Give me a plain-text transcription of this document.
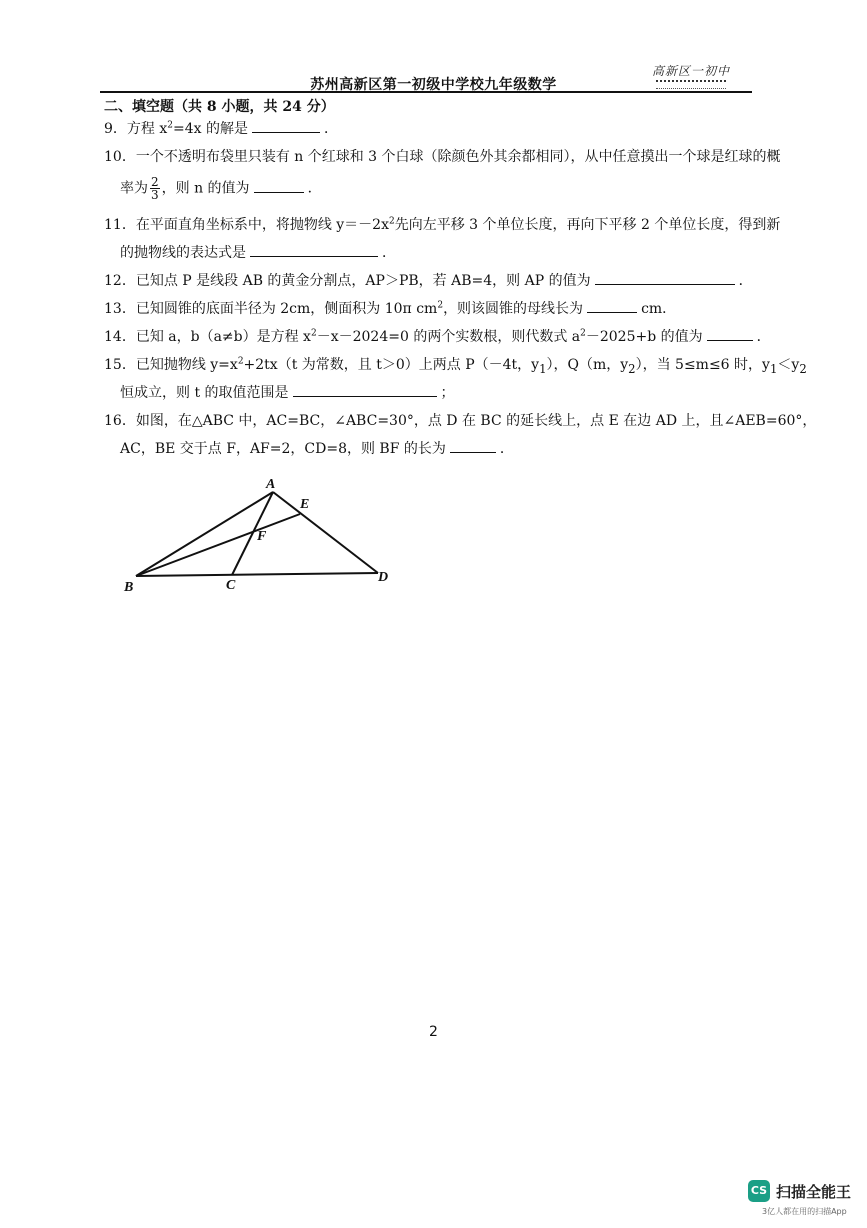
苏州高新区第一初级中学校九年级数学
高新区一初中
二、填空题（共 8 小题，共 24 分）
9．方程 $x^2=4x$ 的解是	．
10．一个不透明布袋里只装有 n 个红球和 3 个白球（除颜色外其余都相同），从中任意摸出一个球是红球的概
率为 $\frac{2}{3}$ ，则 n 的值为	．
11．在平面直角坐标系中，将抛物线 $y=-2x^2$先向左平移 3 个单位长度，再向下平移 2 个单位长度，得到新
的抛物线的表达式是	．
12．已知点 P 是线段 AB 的黄金分割点，AP＞PB，若 AB=4，则 AP 的值为	．
13．已知圆锥的底面半径为 2cm，侧面积为 10π $cm^2$，则该圆锥的母线长为	cm．
14．已知 a，b（a≠b）是方程 $x^2-x-2024=0$ 的两个实数根，则代数式 $a^2-2025+b$ 的值为	．
15．已知抛物线 $y=x^2+2tx(t$ 为常数，且 t＞0）上两点 P（－4t，$y_1$），Q（m，$y_2$），当 5≤m≤6 时，$y_1<y_2$
恒成立，则 t 的取值范围是	；
16．如图，在△ABC 中，AC=BC，∠ABC=30°，点 D 在 BC 的延长线上，点 E 在边 AD 上，且∠AEB=60°，
AC，BE 交于点 F，AF=2，CD=8，则 BF 的长为	．
A
B	C
D
E
F
2
CS 扫描全能王
3亿人都在用的扫描App
